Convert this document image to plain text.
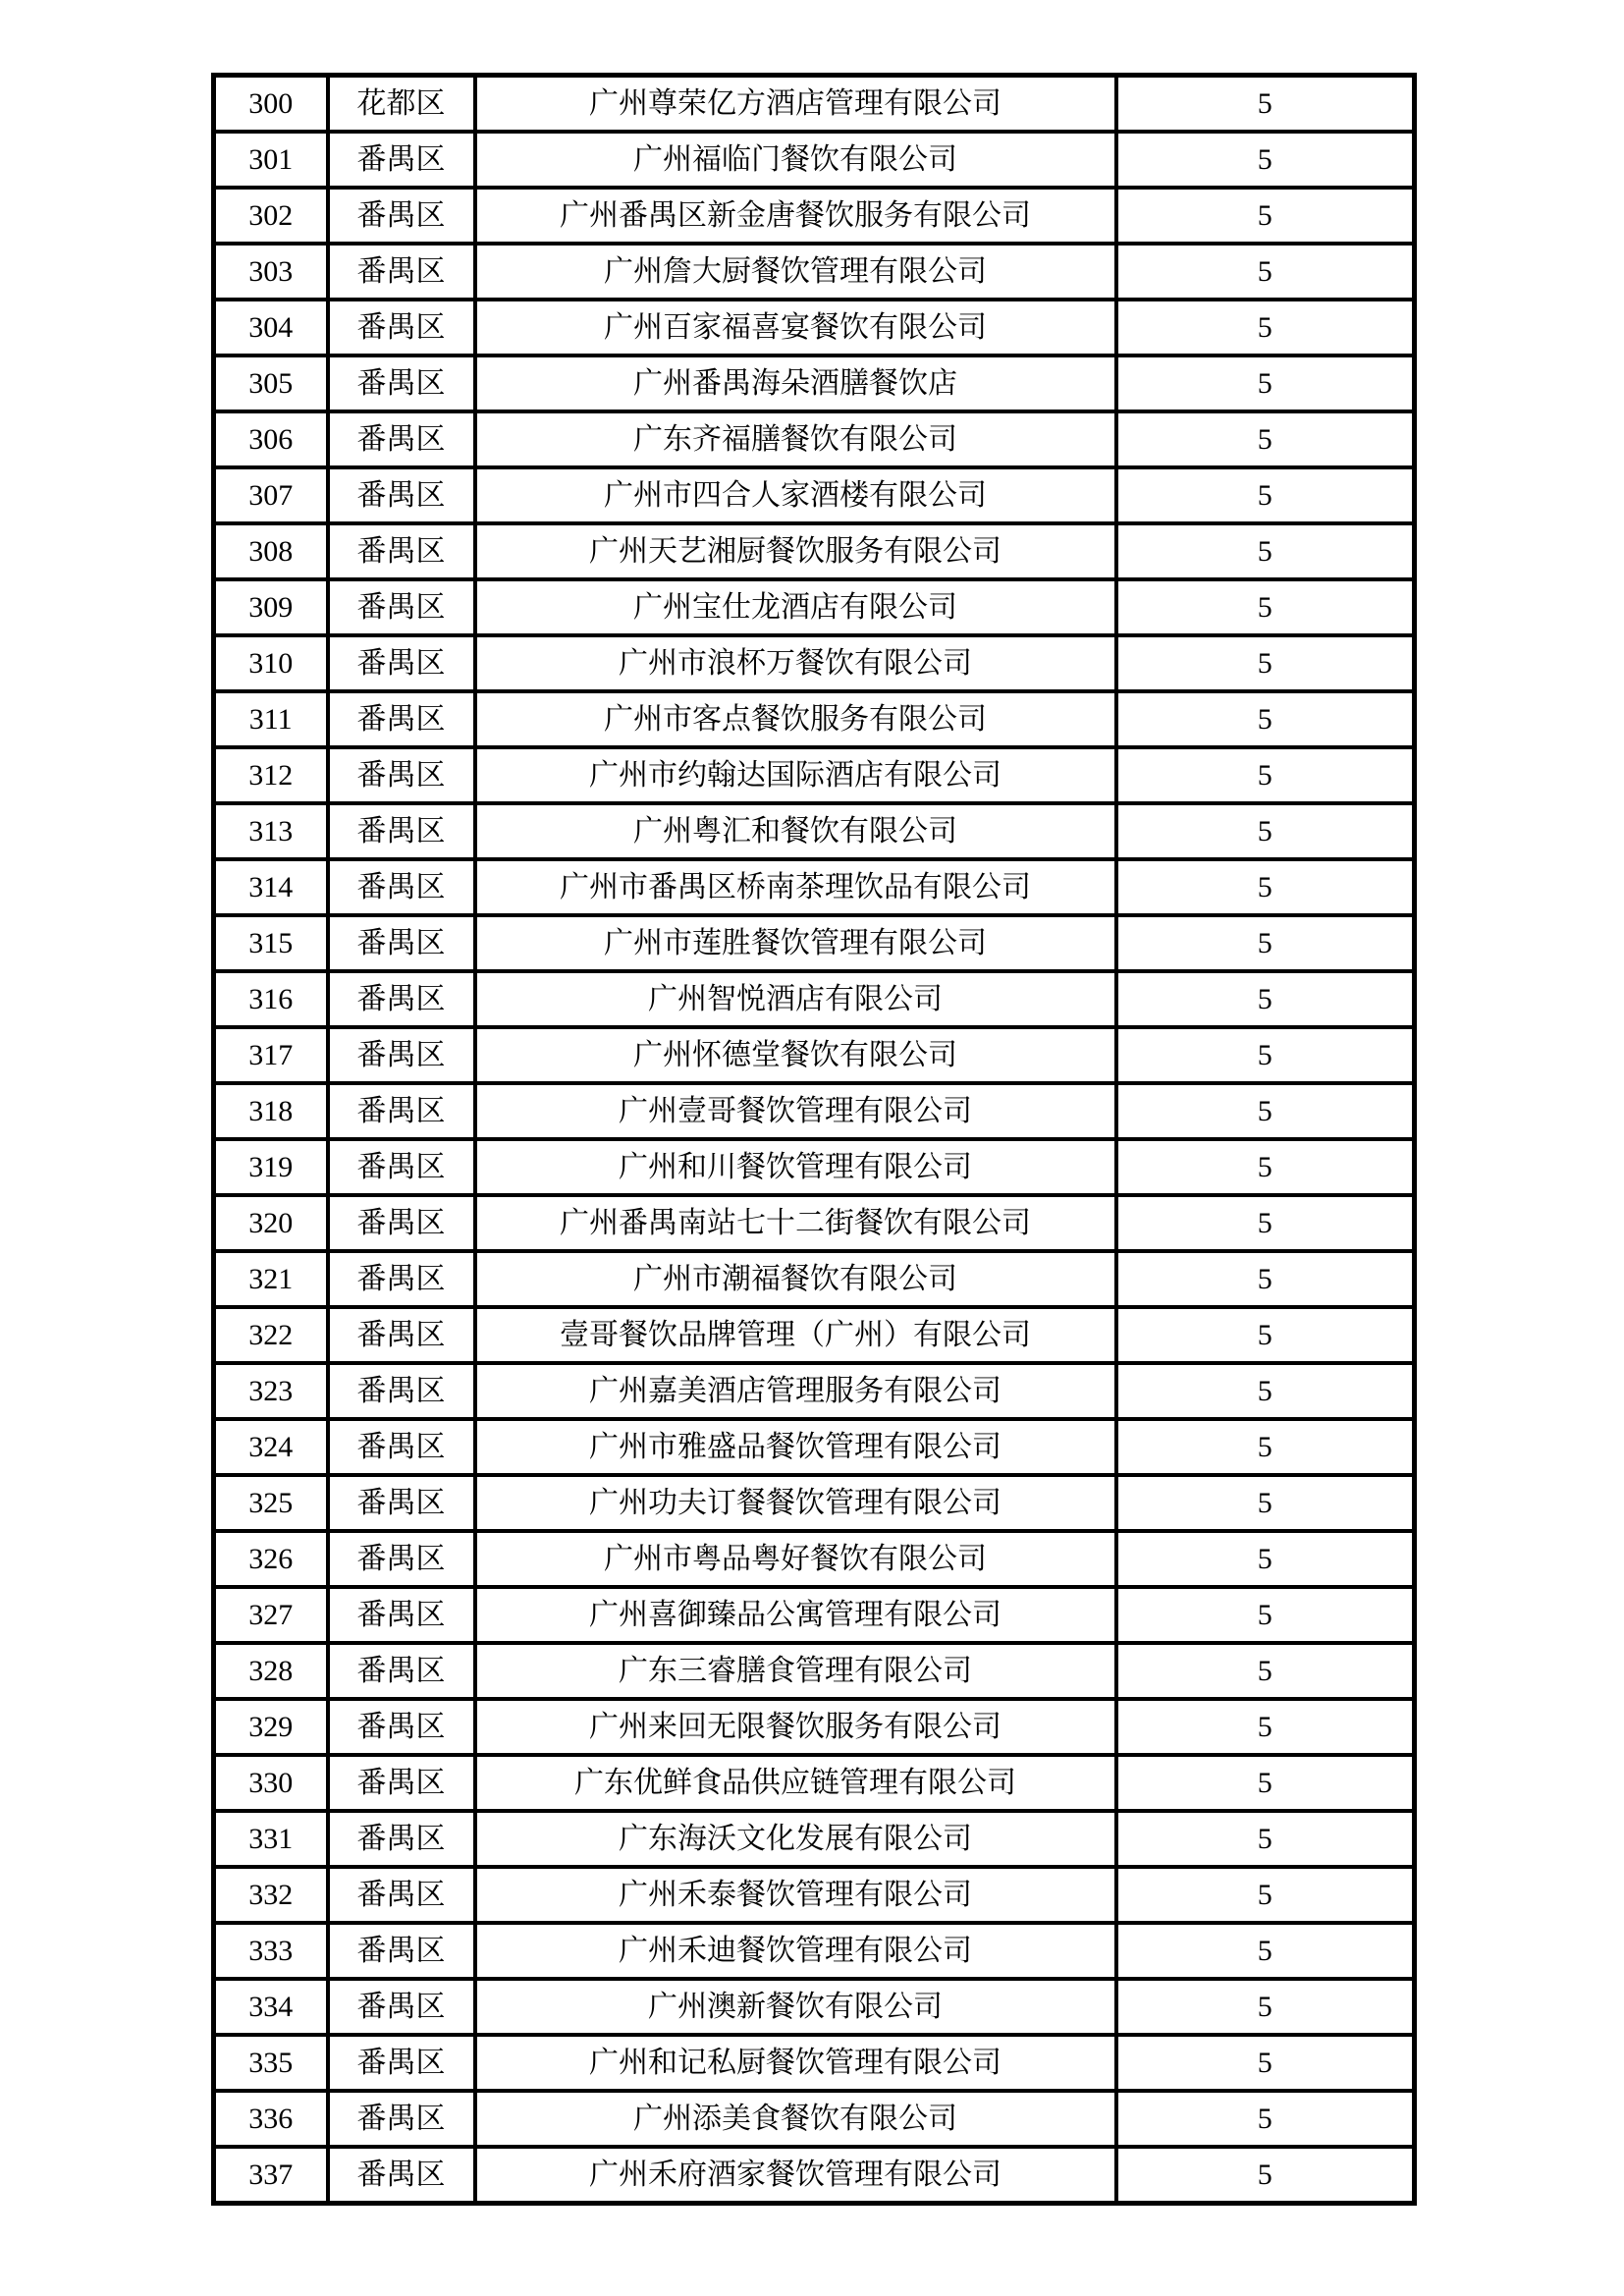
300	花都区	广州尊荣亿方酒店管理有限公司	5
301	番禺区	广州福临门餐饮有限公司	5
302	番禺区	广州番禺区新金唐餐饮服务有限公司	5
303	番禺区	广州詹大厨餐饮管理有限公司	5
304	番禺区	广州百家福喜宴餐饮有限公司	5
305	番禺区	广州番禺海朵酒膳餐饮店	5
306	番禺区	广东齐福膳餐饮有限公司	5
307	番禺区	广州市四合人家酒楼有限公司	5
308	番禺区	广州天艺湘厨餐饮服务有限公司	5
309	番禺区	广州宝仕龙酒店有限公司	5
310	番禺区	广州市浪杯万餐饮有限公司	5
311	番禺区	广州市客点餐饮服务有限公司	5
312	番禺区	广州市约翰达国际酒店有限公司	5
313	番禺区	广州粤汇和餐饮有限公司	5
314	番禺区	广州市番禺区桥南茶理饮品有限公司	5
315	番禺区	广州市莲胜餐饮管理有限公司	5
316	番禺区	广州智悦酒店有限公司	5
317	番禺区	广州怀德堂餐饮有限公司	5
318	番禺区	广州壹哥餐饮管理有限公司	5
319	番禺区	广州和川餐饮管理有限公司	5
320	番禺区	广州番禺南站七十二街餐饮有限公司	5
321	番禺区	广州市潮福餐饮有限公司	5
322	番禺区	壹哥餐饮品牌管理（广州）有限公司	5
323	番禺区	广州嘉美酒店管理服务有限公司	5
324	番禺区	广州市雅盛品餐饮管理有限公司	5
325	番禺区	广州功夫订餐餐饮管理有限公司	5
326	番禺区	广州市粤品粤好餐饮有限公司	5
327	番禺区	广州喜御臻品公寓管理有限公司	5
328	番禺区	广东三睿膳食管理有限公司	5
329	番禺区	广州来回无限餐饮服务有限公司	5
330	番禺区	广东优鲜食品供应链管理有限公司	5
331	番禺区	广东海沃文化发展有限公司	5
332	番禺区	广州禾泰餐饮管理有限公司	5
333	番禺区	广州禾迪餐饮管理有限公司	5
334	番禺区	广州澳新餐饮有限公司	5
335	番禺区	广州和记私厨餐饮管理有限公司	5
336	番禺区	广州添美食餐饮有限公司	5
337	番禺区	广州禾府酒家餐饮管理有限公司	5
